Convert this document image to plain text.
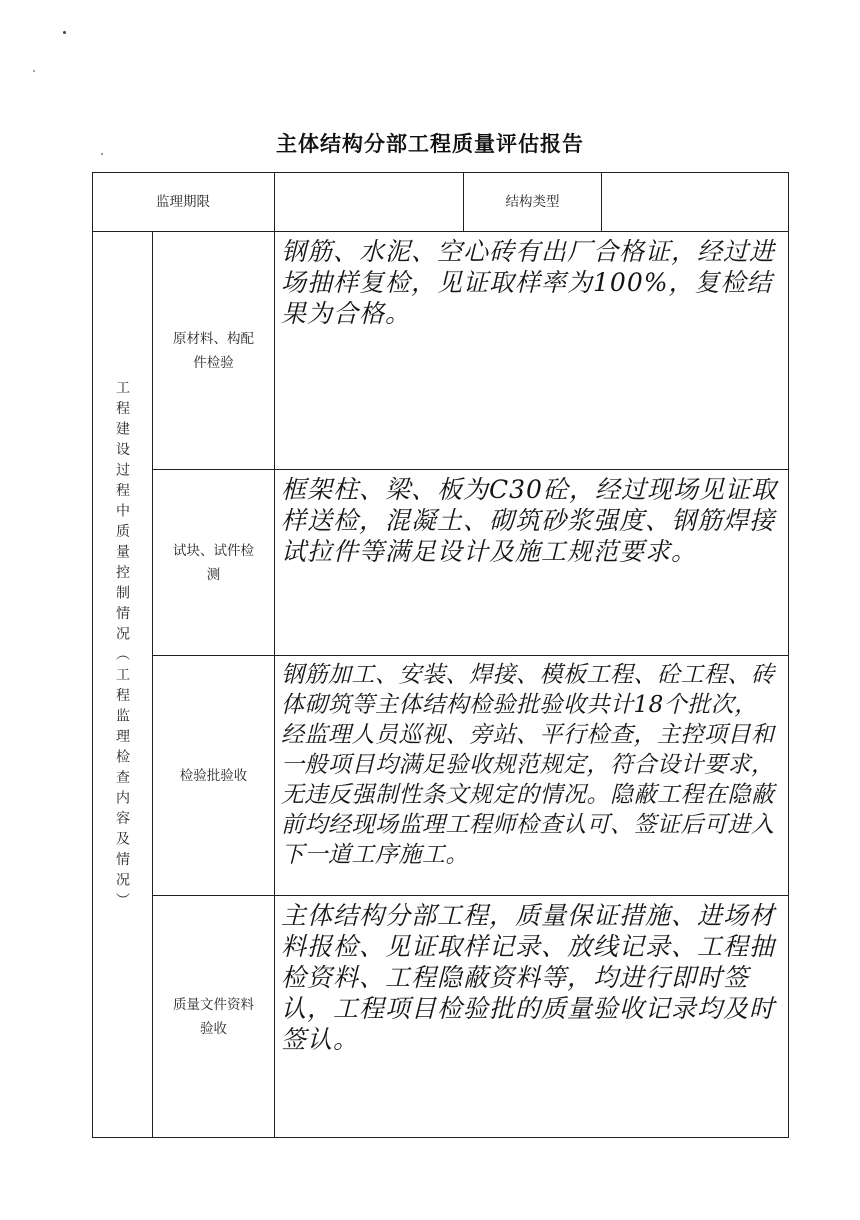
主体结构分部工程质量评估报告
监理期限	结构类型
工程建设过程中质量控制情况（工程监理检查内容及情况）
原材料、构配件检验
钢筋、水泥、空心砖有出厂合格证，经过进场抽样复检，见证取样率为100%，复检结果为合格。
试块、试件检测
框架柱、梁、板为C30砼，经过现场见证取样送检，混凝土、砌筑砂浆强度、钢筋焊接试拉件等满足设计及施工规范要求。
检验批验收
钢筋加工、安装、焊接、模板工程、砼工程、砖体砌筑等主体结构检验批验收共计18个批次，经监理人员巡视、旁站、平行检查，主控项目和一般项目均满足验收规范规定，符合设计要求，无违反强制性条文规定的情况。隐蔽工程在隐蔽前均经现场监理工程师检查认可、签证后可进入下一道工序施工。
质量文件资料验收
主体结构分部工程，质量保证措施、进场材料报检、见证取样记录、放线记录、工程抽检资料、工程隐蔽资料等，均进行即时签认，工程项目检验批的质量验收记录均及时签认。
